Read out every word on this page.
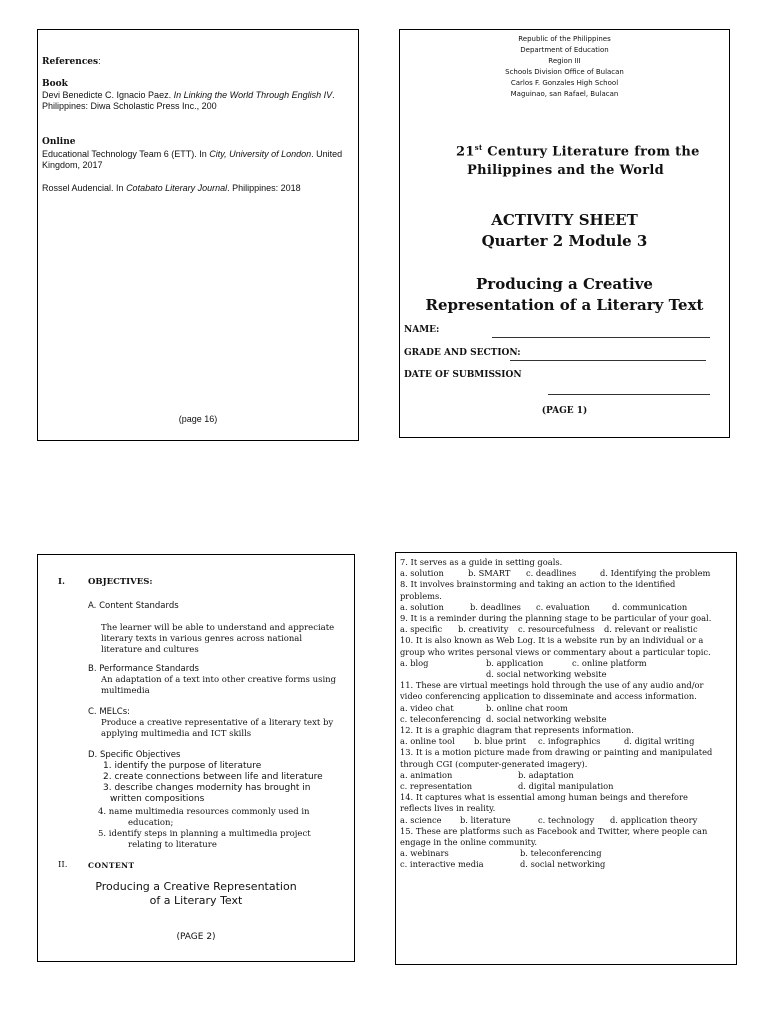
References:
Book
Devi Benedicte C. Ignacio Paez. In Linking the World Through English IV. Philippines: Diwa Scholastic Press Inc., 200
Online
Educational Technology Team 6 (ETT). In City, University of London. United Kingdom, 2017
Rossel Audencial. In Cotabato Literary Journal. Philippines: 2018
(page 16)
Republic of the Philippines
Department of Education
Region III
Schools Division Office of Bulacan
Carlos F. Gonzales High School
Maguinao, san Rafael, Bulacan
21st Century Literature from the
Philippines and the World
ACTIVITY SHEET
Quarter 2 Module 3
Producing a Creative
Representation of a Literary Text
NAME:
GRADE AND SECTION:
DATE OF SUBMISSION
(PAGE 1)
I.	OBJECTIVES:
A. Content Standards
The learner will be able to understand and appreciate
literary texts in various genres across national
literature and cultures
B. Performance Standards
An adaptation of a text into other creative forms using
multimedia
C. MELCs:
Produce a creative representative of a literary text by
applying multimedia and ICT skills
D. Specific Objectives
1. identify the purpose of literature
2. create connections between life and literature
3. describe changes modernity has brought in
written compositions
4. name multimedia resources commonly used in
education;
5. identify steps in planning a multimedia project
relating to literature
II.	CONTENT
Producing a Creative Representation
of a Literary Text
(PAGE 2)
7. It serves as a guide in setting goals.
a. solution	b. SMART	c. deadlines	d. Identifying the problem
8. It involves brainstorming and taking an action to the identified
problems.
a. solution	b. deadlines	c. evaluation	d. communication
9. It is a reminder during the planning stage to be particular of your goal.
a. specific	b. creativity	c. resourcefulness	d. relevant or realistic
10. It is also known as Web Log. It is a website run by an individual or a
group who writes personal views or commentary about a particular topic.
a. blog	b. application	c. online platform
d. social networking website
11. These are virtual meetings hold through the use of any audio and/or
video conferencing application to disseminate and access information.
a. video chat	b. online chat room
c. teleconferencing d. social networking website
12. It is a graphic diagram that represents information.
a. online tool	b. blue print	c. infographics	d. digital writing
13. It is a motion picture made from drawing or painting and manipulated
through CGI (computer-generated imagery).
a. animation	b. adaptation
c. representation	d. digital manipulation
14. It captures what is essential among human beings and therefore
reflects lives in reality.
a. science	b. literature	c. technology	d. application theory
15. These are platforms such as Facebook and Twitter, where people can
engage in the online community.
a. webinars	b. teleconferencing
c. interactive media	d. social networking
